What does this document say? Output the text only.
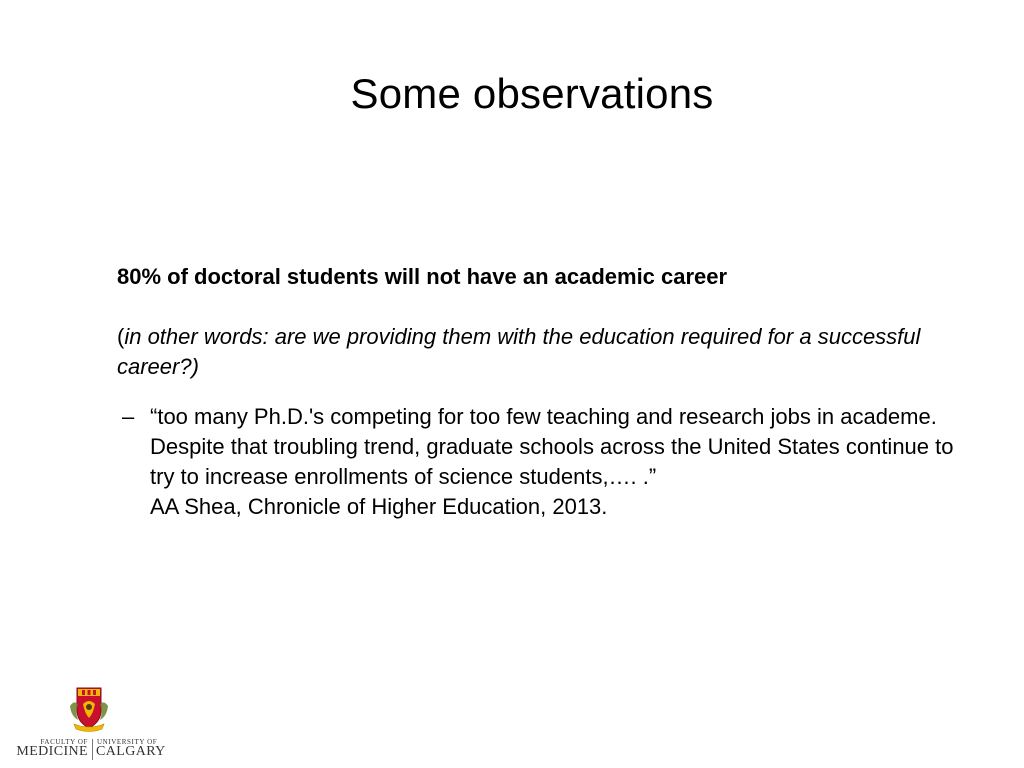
Some observations

80% of doctoral students will not have an academic career

(in other words: are we providing them with the education required for a successful career?)

– “too many Ph.D.'s competing for too few teaching and research jobs in academe. Despite that troubling trend, graduate schools across the United States continue to try to increase enrollments of science students,…. .”
AA Shea, Chronicle of Higher Education, 2013.
FACULTY OF
MEDICINE
UNIVERSITY OF
CALGARY
